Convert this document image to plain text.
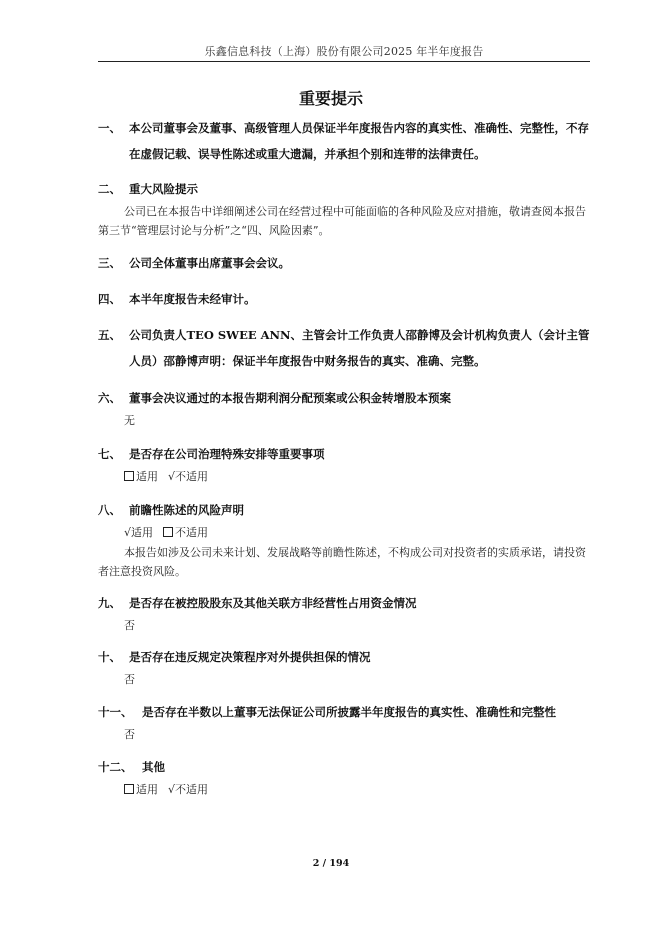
乐鑫信息科技（上海）股份有限公司2025 年半年度报告
重要提示
一、 本公司董事会及董事、高级管理人员保证半年度报告内容的真实性、准确性、完整性，不存在虚假记载、误导性陈述或重大遗漏，并承担个别和连带的法律责任。
二、 重大风险提示
公司已在本报告中详细阐述公司在经营过程中可能面临的各种风险及应对措施，敬请查阅本报告第三节“管理层讨论与分析”之“四、风险因素”。
三、 公司全体董事出席董事会会议。
四、 本半年度报告未经审计。
五、 公司负责人TEO SWEE ANN、主管会计工作负责人邵静博及会计机构负责人（会计主管人员）邵静博声明：保证半年度报告中财务报告的真实、准确、完整。
六、 董事会决议通过的本报告期利润分配预案或公积金转增股本预案
无
七、 是否存在公司治理特殊安排等重要事项
适用 √不适用
八、 前瞻性陈述的风险声明
√适用 不适用
本报告如涉及公司未来计划、发展战略等前瞻性陈述，不构成公司对投资者的实质承诺，请投资者注意投资风险。
九、 是否存在被控股股东及其他关联方非经营性占用资金情况
否
十、 是否存在违反规定决策程序对外提供担保的情况
否
十一、 是否存在半数以上董事无法保证公司所披露半年度报告的真实性、准确性和完整性
否
十二、 其他
适用 √不适用
2 / 194
